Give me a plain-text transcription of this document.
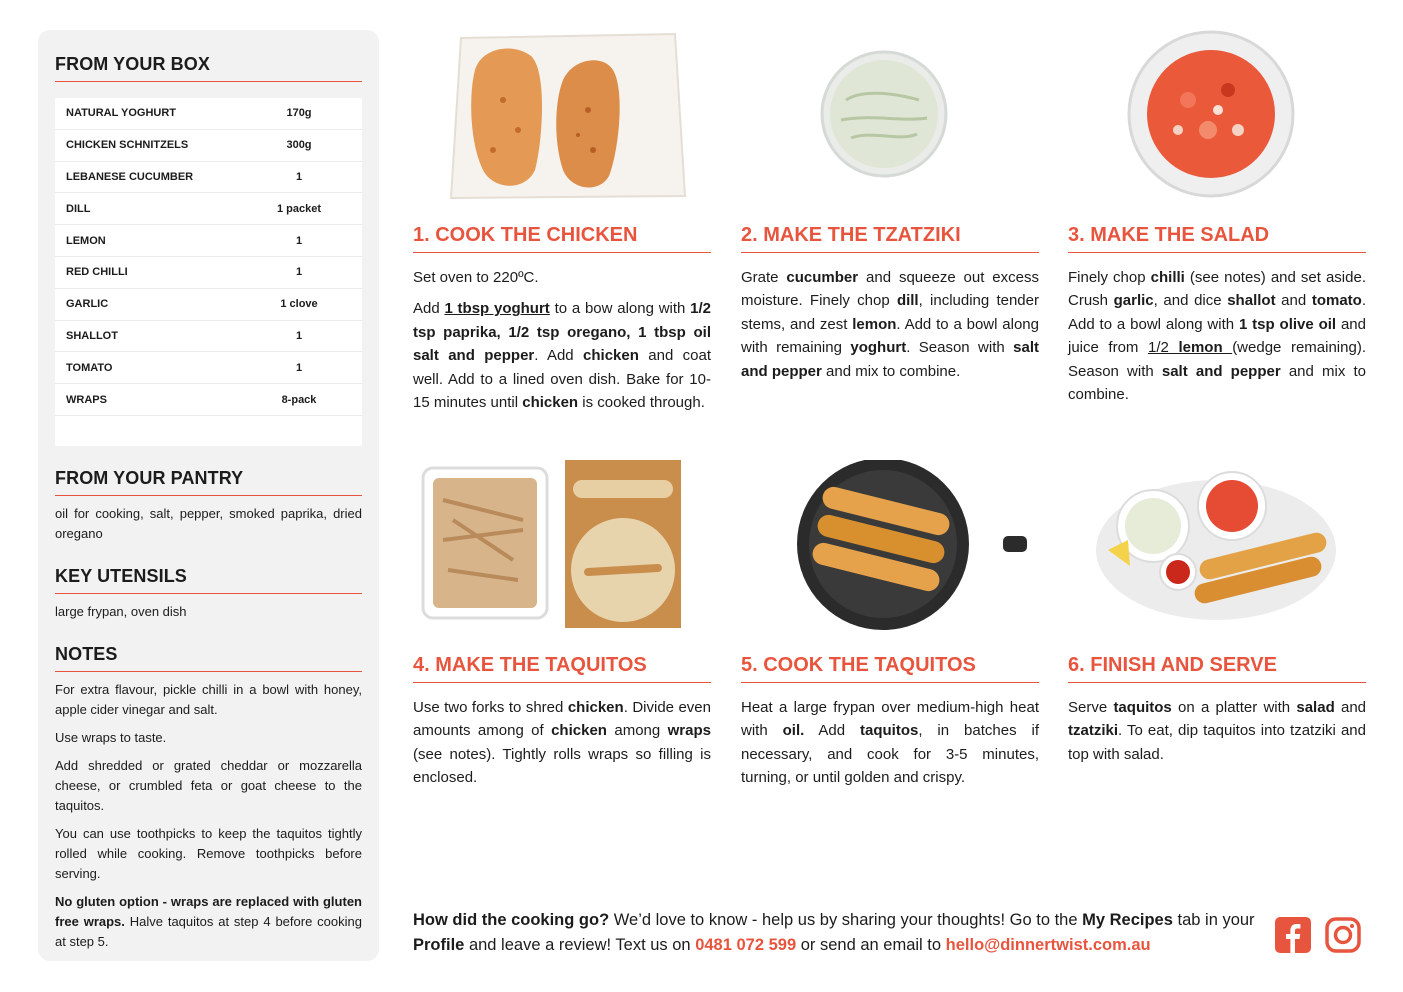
FROM YOUR BOX
NATURAL YOGHURT	170g
CHICKEN SCHNITZELS	300g
LEBANESE CUCUMBER	1
DILL	1 packet
LEMON	1
RED CHILLI	1
GARLIC	1 clove
SHALLOT	1
TOMATO	1
WRAPS	8-pack
FROM YOUR PANTRY

oil for cooking, salt, pepper, smoked paprika, dried oregano

KEY UTENSILS

large frypan, oven dish

NOTES

For extra flavour, pickle chilli in a bowl with honey, apple cider vinegar and salt.

Use wraps to taste.

Add shredded or grated cheddar or mozzarella cheese, or crumbled feta or goat cheese to the taquitos.

You can use toothpicks to keep the taquitos tightly rolled while cooking. Remove toothpicks before serving.

No gluten option - wraps are replaced with gluten free wraps. Halve taquitos at step 4 before cooking at step 5.

1. COOK THE CHICKEN

Set oven to 220ºC.

Add 1 tbsp yoghurt to a bow along with 1/2 tsp paprika, 1/2 tsp oregano, 1 tbsp oil salt and pepper. Add chicken and coat well. Add to a lined oven dish. Bake for 10-15 minutes until chicken is cooked through.

2. MAKE THE TZATZIKI

Grate cucumber and squeeze out excess moisture. Finely chop dill, including tender stems, and zest lemon. Add to a bowl along with remaining yoghurt. Season with salt and pepper and mix to combine.

3. MAKE THE SALAD

Finely chop chilli (see notes) and set aside. Crush garlic, and dice shallot and tomato. Add to a bowl along with 1 tsp olive oil and juice from 1/2 lemon (wedge remaining). Season with salt and pepper and mix to combine.

4. MAKE THE TAQUITOS

Use two forks to shred chicken. Divide even amounts among of chicken among wraps (see notes). Tightly rolls wraps so filling is enclosed.

5. COOK THE TAQUITOS

Heat a large frypan over medium-high heat with oil. Add taquitos, in batches if necessary, and cook for 3-5 minutes, turning, or until golden and crispy.

6. FINISH AND SERVE

Serve taquitos on a platter with salad and tzatziki. To eat, dip taquitos into tzatziki and top with salad.

How did the cooking go? We’d love to know - help us by sharing your thoughts! Go to the My Recipes tab in your Profile and leave a review! Text us on 0481 072 599 or send an email to hello@dinnertwist.com.au
